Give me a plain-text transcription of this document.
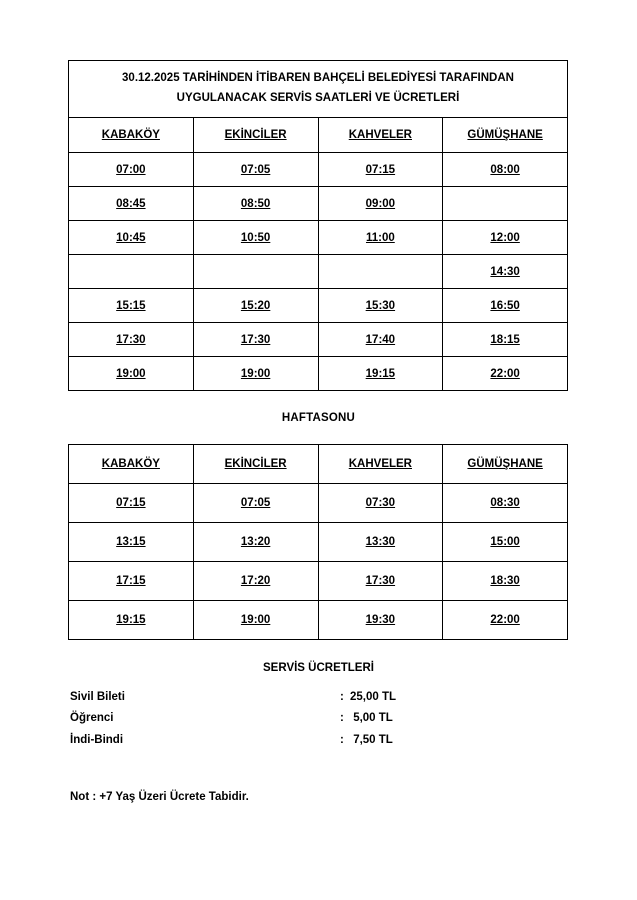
30.12.2025 TARİHİNDEN İTİBAREN BAHÇELİ BELEDİYESİ TARAFINDAN
UYGULANACAK SERVİS SAATLERİ VE ÜCRETLERİ			

KABAKÖY	EKİNCİLER	KAHVELER	GÜMÜŞHANE
07:00	07:05	07:15	08:00
08:45	08:50	09:00	
10:45	10:50	11:00	12:00
			14:30
15:15	15:20	15:30	16:50
17:30	17:30	17:40	18:15
19:00	19:00	19:15	22:00
HAFTASONU
KABAKÖY	EKİNCİLER	KAHVELER	GÜMÜŞHANE
07:15	07:05	07:30	08:30
13:15	13:20	13:30	15:00
17:15	17:20	17:30	18:30
19:15	19:00	19:30	22:00
SERVİS ÜCRETLERİ
Sivil Bileti	: 25,00 TL
Öğrenci	: 5,00 TL
İndi-Bindi	: 7,50 TL
Not : +7 Yaş Üzeri Ücrete Tabidir.
